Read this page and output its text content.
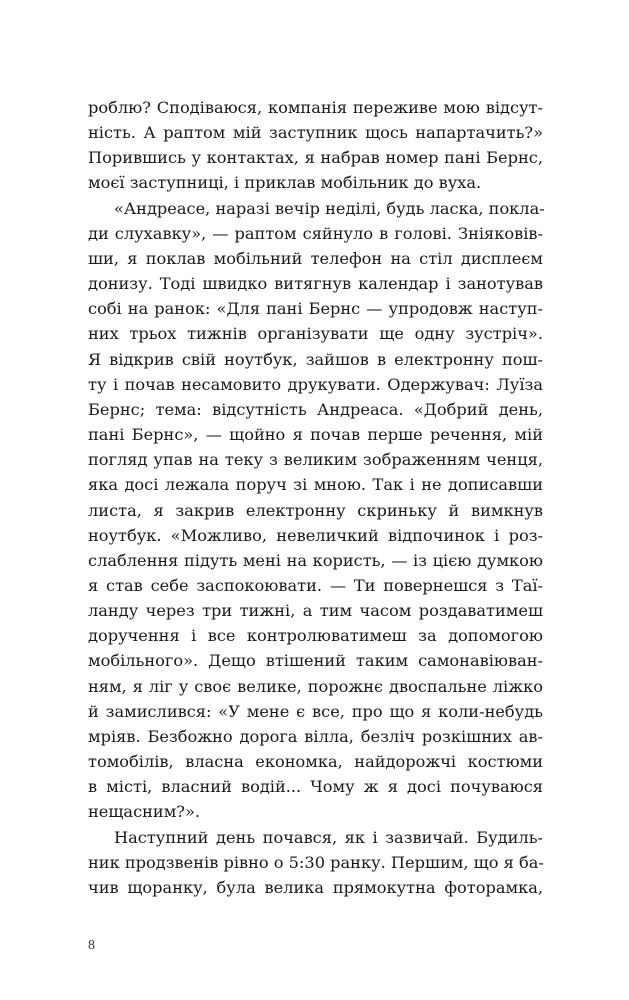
роблю? Сподіваюся, компанія переживе мою відсут-
ність. А раптом мій заступник щось напартачить?»
Порившись у контактах, я набрав номер пані Бернс,
моєї заступниці, і приклав мобільник до вуха.
«Андреасе, наразі вечір неділі, будь ласка, покла-
ди слухавку», — раптом сяйнуло в голові. Зніяковів-
ши, я поклав мобільний телефон на стіл дисплеєм
донизу. Тоді швидко витягнув календар і занотував
собі на ранок: «Для пані Бернс — упродовж наступ-
них трьох тижнів організувати ще одну зустріч».
Я відкрив свій ноутбук, зайшов в електронну пош-
ту і почав несамовито друкувати. Одержувач: Луїза
Бернс; тема: відсутність Андреаса. «Добрий день,
пані Бернс», — щойно я почав перше речення, мій
погляд упав на теку з великим зображенням ченця,
яка досі лежала поруч зі мною. Так і не дописавши
листа, я закрив електронну скриньку й вимкнув
ноутбук. «Можливо, невеличкий відпочинок і роз-
слаблення підуть мені на користь, — із цією думкою
я став себе заспокоювати. — Ти повернешся з Таї-
ланду через три тижні, а тим часом роздаватимеш
доручення і все контролюватимеш за допомогою
мобільного». Дещо втішений таким самонавіюван-
ням, я ліг у своє велике, порожнє двоспальне ліжко
й замислився: «У мене є все, про що я коли-небудь
мріяв. Безбожно дорога вілла, безліч розкішних ав-
томобілів, власна економка, найдорожчі костюми
в місті, власний водій... Чому ж я досі почуваюся
нещасним?».
Наступний день почався, як і зазвичай. Будиль-
ник продзвенів рівно о 5:30 ранку. Першим, що я ба-
чив щоранку, була велика прямокутна фоторамка,
8
